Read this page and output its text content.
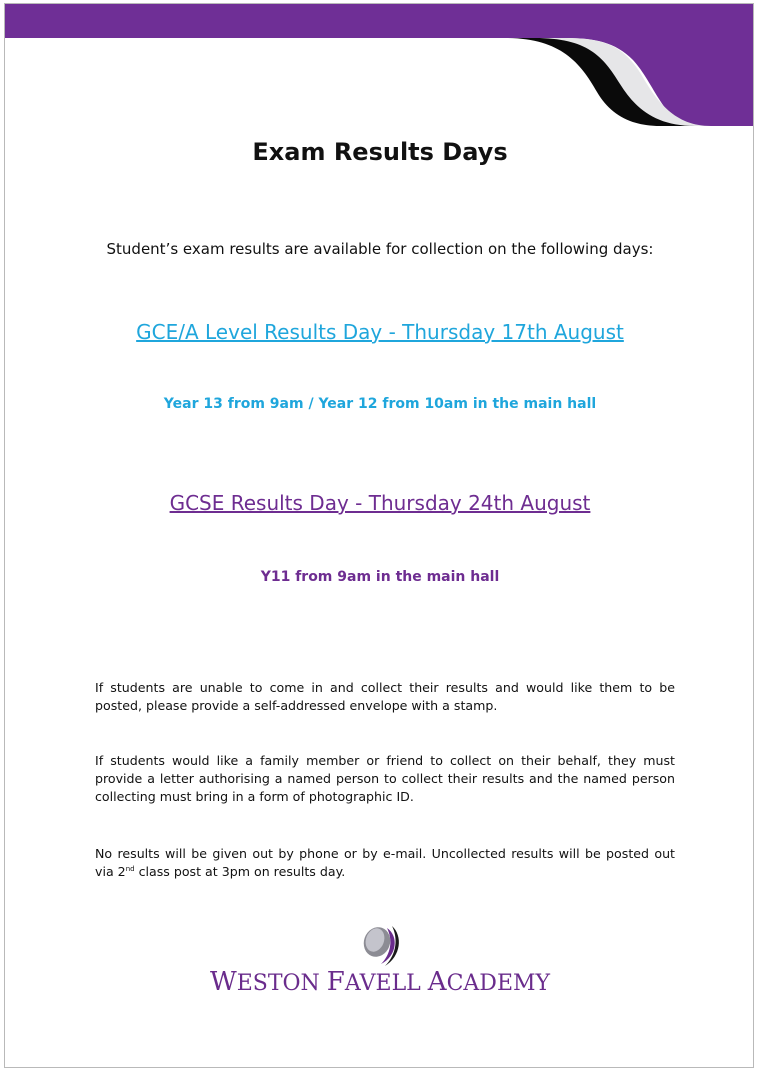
Exam Results Days

Student’s exam results are available for collection on the following days:

GCE/A Level Results Day - Thursday 17th August

Year 13 from 9am / Year 12 from 10am in the main hall

GCSE Results Day - Thursday 24th August

Y11 from 9am in the main hall

If students are unable to come in and collect their results and would like them to be posted, please provide a self-addressed envelope with a stamp.

If students would like a family member or friend to collect on their behalf, they must provide a letter authorising a named person to collect their results and the named person collecting must bring in a form of photographic ID.

No results will be given out by phone or by e-mail. Uncollected results will be posted out via 2nd class post at 3pm on results day.

WESTON FAVELL ACADEMY
